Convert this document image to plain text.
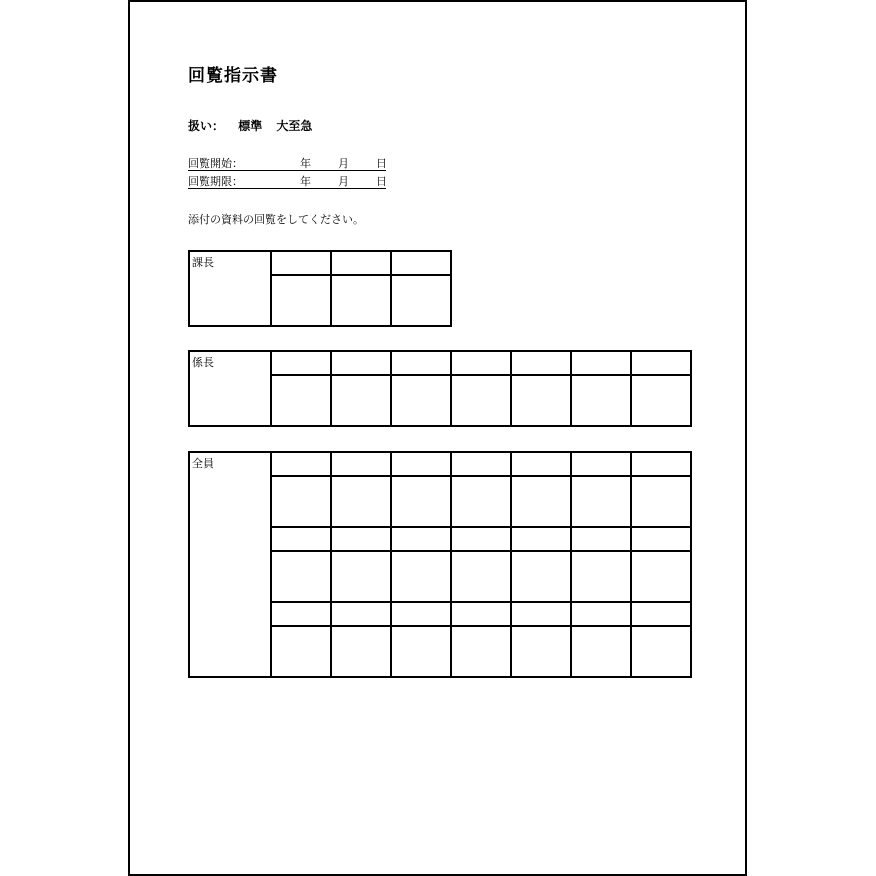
回覧指示書
扱い： 標準 大至急
回覧開始：	年 月 日
回覧期限：	年 月 日
添付の資料の回覧をしてください。
課長			

係長							

全員							
